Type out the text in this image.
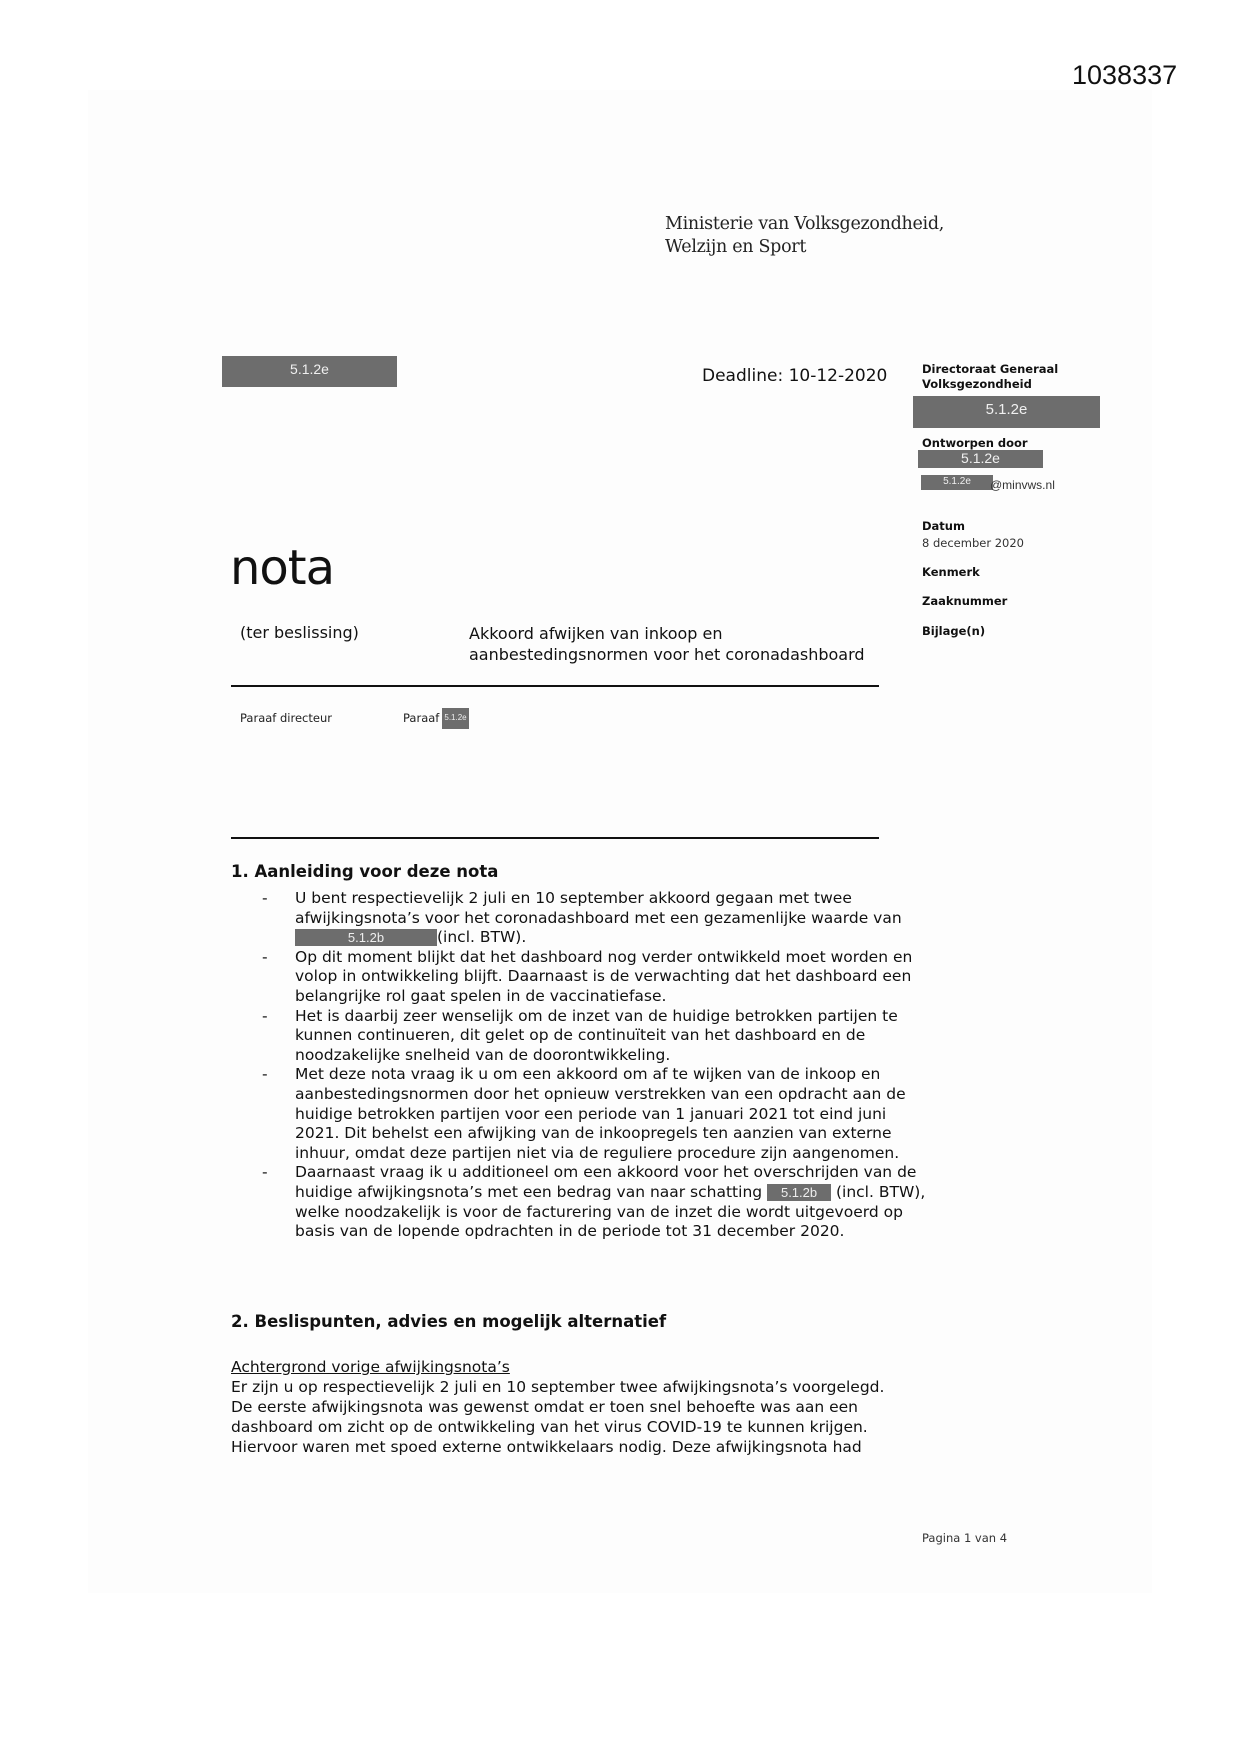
1038337
Ministerie van Volksgezondheid,
Welzijn en Sport
5.1.2e	Deadline: 10-12-2020	Directoraat Generaal
Volksgezondheid
5.1.2e
Ontworpen door
5.1.2e
5.1.2e	@minvws.nl
Datum
8 december 2020
Kenmerk
Zaaknummer
Bijlage(n)
nota
(ter beslissing)	Akkoord afwijken van inkoop en
aanbestedingsnormen voor het coronadashboard
Paraaf directeur	Paraaf 5.1.2e
1. Aanleiding voor deze nota
- U bent respectievelijk 2 juli en 10 september akkoord gegaan met twee afwijkingsnota’s voor het coronadashboard met een gezamenlijke waarde van 5.1.2b	(incl. BTW).
- Op dit moment blijkt dat het dashboard nog verder ontwikkeld moet worden en volop in ontwikkeling blijft. Daarnaast is de verwachting dat het dashboard een belangrijke rol gaat spelen in de vaccinatiefase.
- Het is daarbij zeer wenselijk om de inzet van de huidige betrokken partijen te kunnen continueren, dit gelet op de continuïteit van het dashboard en de noodzakelijke snelheid van de doorontwikkeling.
- Met deze nota vraag ik u om een akkoord om af te wijken van de inkoop en aanbestedingsnormen door het opnieuw verstrekken van een opdracht aan de huidige betrokken partijen voor een periode van 1 januari 2021 tot eind juni 2021. Dit behelst een afwijking van de inkoopregels ten aanzien van externe inhuur, omdat deze partijen niet via de reguliere procedure zijn aangenomen.
- Daarnaast vraag ik u additioneel om een akkoord voor het overschrijden van de huidige afwijkingsnota’s met een bedrag van naar schatting 5.1.2b (incl. BTW), welke noodzakelijk is voor de facturering van de inzet die wordt uitgevoerd op basis van de lopende opdrachten in de periode tot 31 december 2020.
2. Beslispunten, advies en mogelijk alternatief
Achtergrond vorige afwijkingsnota’s
Er zijn u op respectievelijk 2 juli en 10 september twee afwijkingsnota’s voorgelegd.
De eerste afwijkingsnota was gewenst omdat er toen snel behoefte was aan een dashboard om zicht op de ontwikkeling van het virus COVID-19 te kunnen krijgen. Hiervoor waren met spoed externe ontwikkelaars nodig. Deze afwijkingsnota had
Pagina 1 van 4
